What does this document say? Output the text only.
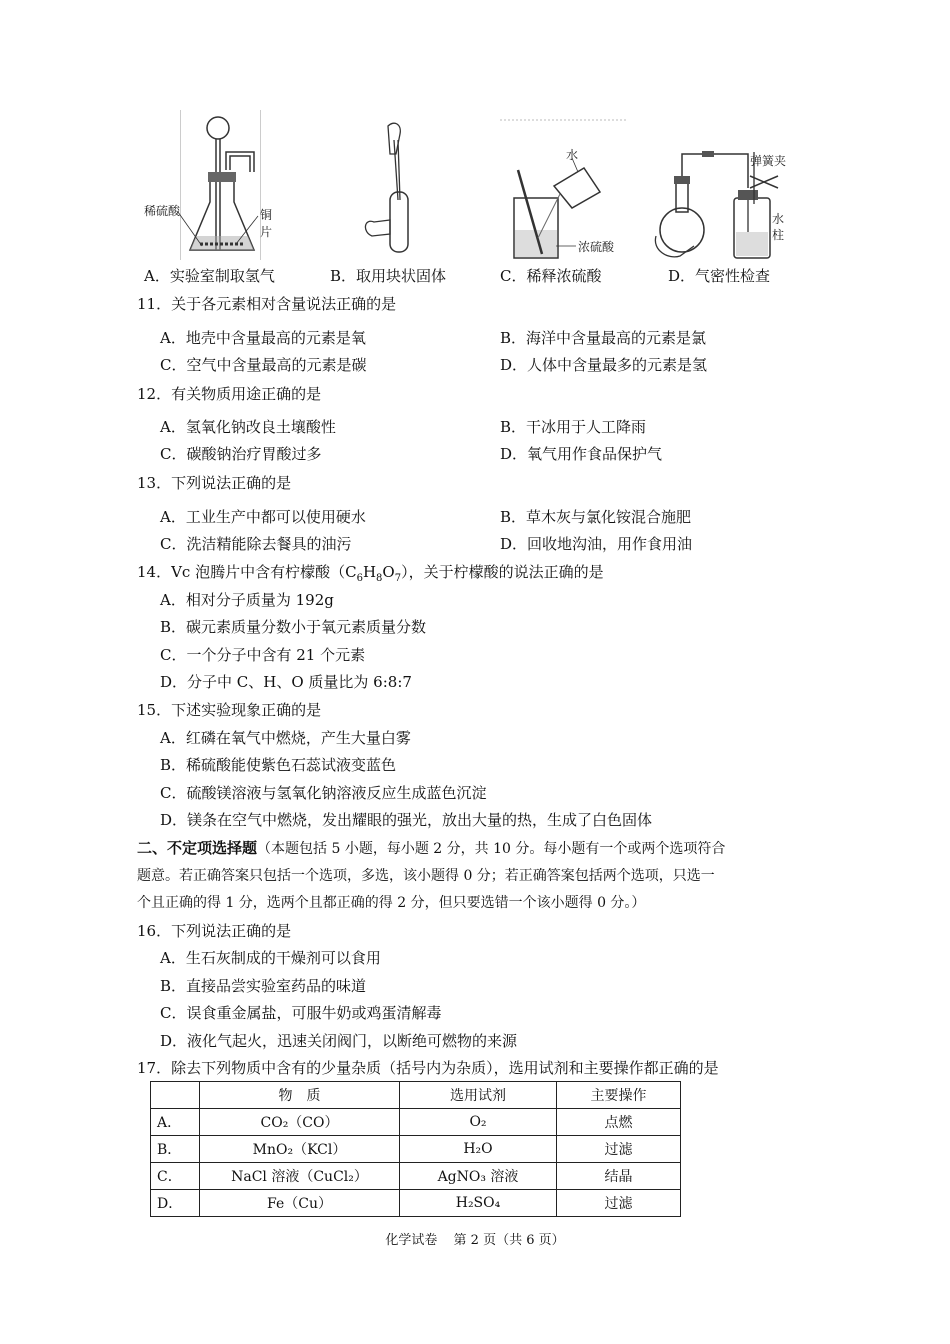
稀硫酸	铜片
A．实验室制取氢气	B．取用块状固体
水
浓硫酸
C．稀释浓硫酸
弹簧夹
水
柱
D．气密性检查
11．关于各元素相对含量说法正确的是
A．地壳中含量最高的元素是氧	B．海洋中含量最高的元素是氯
C．空气中含量最高的元素是碳	D．人体中含量最多的元素是氢
12．有关物质用途正确的是
A．氢氧化钠改良土壤酸性	B．干冰用于人工降雨
C．碳酸钠治疗胃酸过多	D．氧气用作食品保护气
13．下列说法正确的是
A．工业生产中都可以使用硬水	B．草木灰与氯化铵混合施肥
C．洗洁精能除去餐具的油污	D．回收地沟油，用作食用油
14．Vc 泡腾片中含有柠檬酸$(C_6H_8O_7)$，关于柠檬酸的说法正确的是
A．相对分子质量为 192g
B．碳元素质量分数小于氧元素质量分数
C．一个分子中含有 21 个元素
D．分子中 C、H、O 质量比为 6:8:7
15．下述实验现象正确的是
A．红磷在氧气中燃烧，产生大量白雾
B．稀硫酸能使紫色石蕊试液变蓝色
C．硫酸镁溶液与氢氧化钠溶液反应生成蓝色沉淀
D．镁条在空气中燃烧，发出耀眼的强光，放出大量的热，生成了白色固体
二、不定项选择题（本题包括 5 小题，每小题 2 分，共 10 分。每小题有一个或两个选项符合
题意。若正确答案只包括一个选项，多选，该小题得 0 分；若正确答案包括两个选项，只选一
个且正确的得 1 分，选两个且都正确的得 2 分，但只要选错一个该小题得 0 分。）
16．下列说法正确的是
A．生石灰制成的干燥剂可以食用
B．直接品尝实验室药品的味道
C．误食重金属盐，可服牛奶或鸡蛋清解毒
D．液化气起火，迅速关闭阀门，以断绝可燃物的来源
17．除去下列物质中含有的少量杂质（括号内为杂质），选用试剂和主要操作都正确的是
	物　质	选用试剂	主要操作
A．	CO₂（CO）	O₂	点燃
B．	MnO₂（KCl）	H₂O	过滤
C．	NaCl 溶液（CuCl₂）	AgNO₃ 溶液	结晶
D．	Fe（Cu）	H₂SO₄	过滤
化学试卷 第 2 页（共 6 页）
